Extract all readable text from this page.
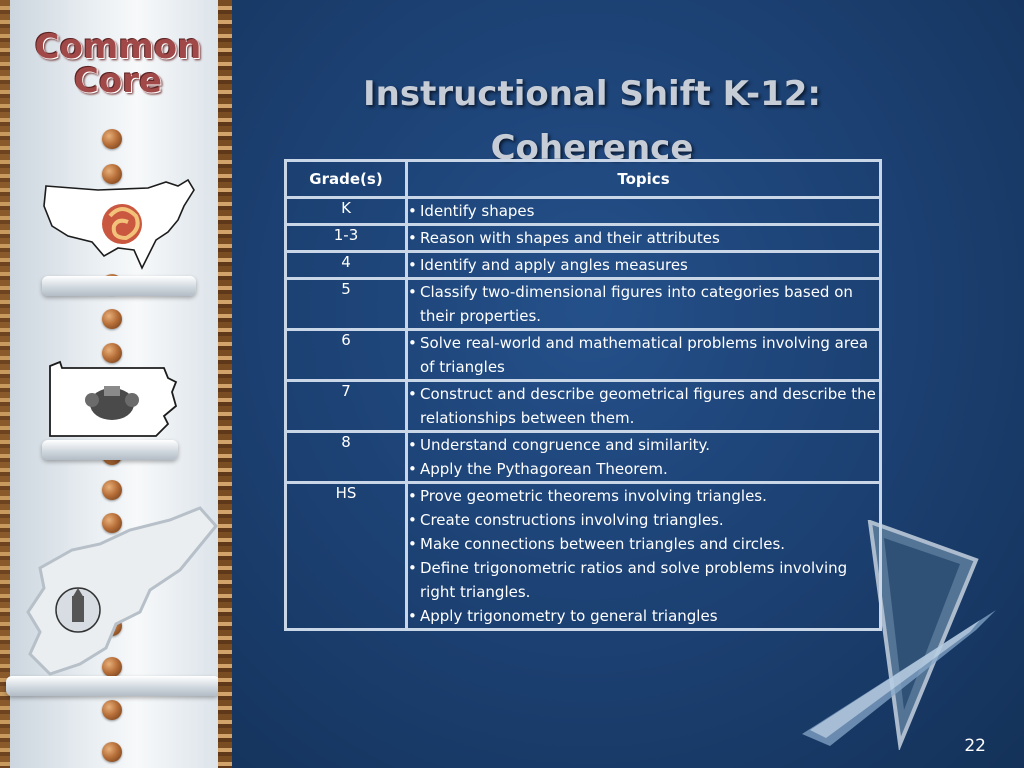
Common
Core	Instructional Shift K-12:
Coherence
Grade(s)	Topics
K	• Identify shapes

1-3	• Reason with shapes and their attributes

4	• Identify and apply angles measures

5	• Classify two-dimensional figures into categories based on their properties.

6	• Solve real-world and mathematical problems involving area of triangles

7	• Construct and describe geometrical figures and describe the relationships between them.

8	• Understand congruence and similarity.
• Apply the Pythagorean Theorem.

HS	• Prove geometric theorems involving triangles.
• Create constructions involving triangles.
• Make connections between triangles and circles.
• Define trigonometric ratios and solve problems involving right triangles.
• Apply trigonometry to general triangles
22
